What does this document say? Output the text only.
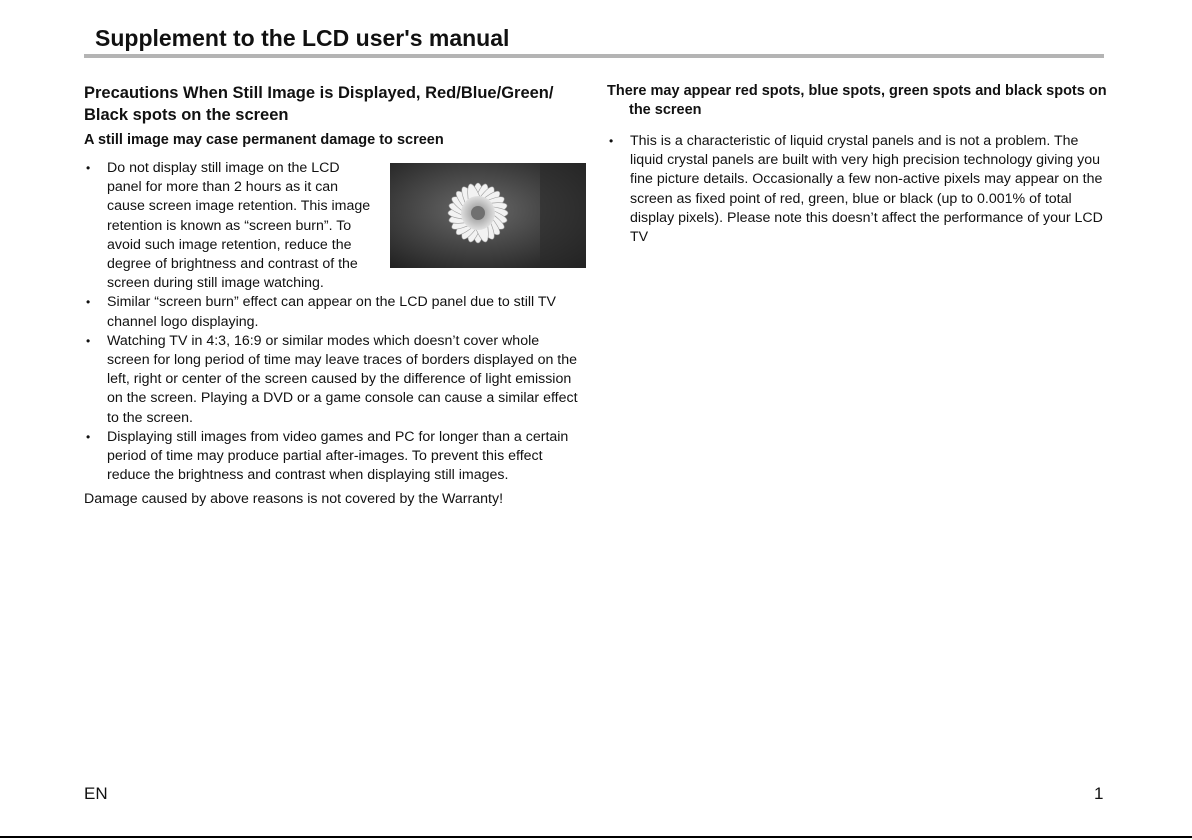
Supplement to the LCD user's manual
Precautions When Still Image is Displayed, Red/Blue/Green/ Black spots on the screen
A still image may case permanent damage to screen
• Do not display still image on the LCD panel for more than 2 hours as it can cause screen image retention. This image retention is known as “screen burn”. To avoid such image retention, reduce the degree of brightness and contrast of the screen during still image watching.
• Similar “screen burn” effect can appear on the LCD panel due to still TV channel logo displaying.
• Watching TV in 4:3, 16:9 or similar modes which doesn’t cover whole screen for long period of time may leave traces of borders displayed on the left, right or center of the screen caused by the difference of light emission on the screen. Playing a DVD or a game console can cause a similar effect to the screen.
• Displaying still images from video games and PC for longer than a certain period of time may produce partial after-images. To prevent this effect reduce the brightness and contrast when displaying still images.

Damage caused by above reasons is not covered by the Warranty!

There may appear red spots, blue spots, green spots and black spots on the screen
• This is a characteristic of liquid crystal panels and is not a problem. The liquid crystal panels are built with very high precision technology giving you fine picture details. Occasionally a few non-active pixels may appear on the screen as fixed point of red, green, blue or black (up to 0.001% of total display pixels). Please note this doesn’t affect the performance of your LCD TV
EN	1
